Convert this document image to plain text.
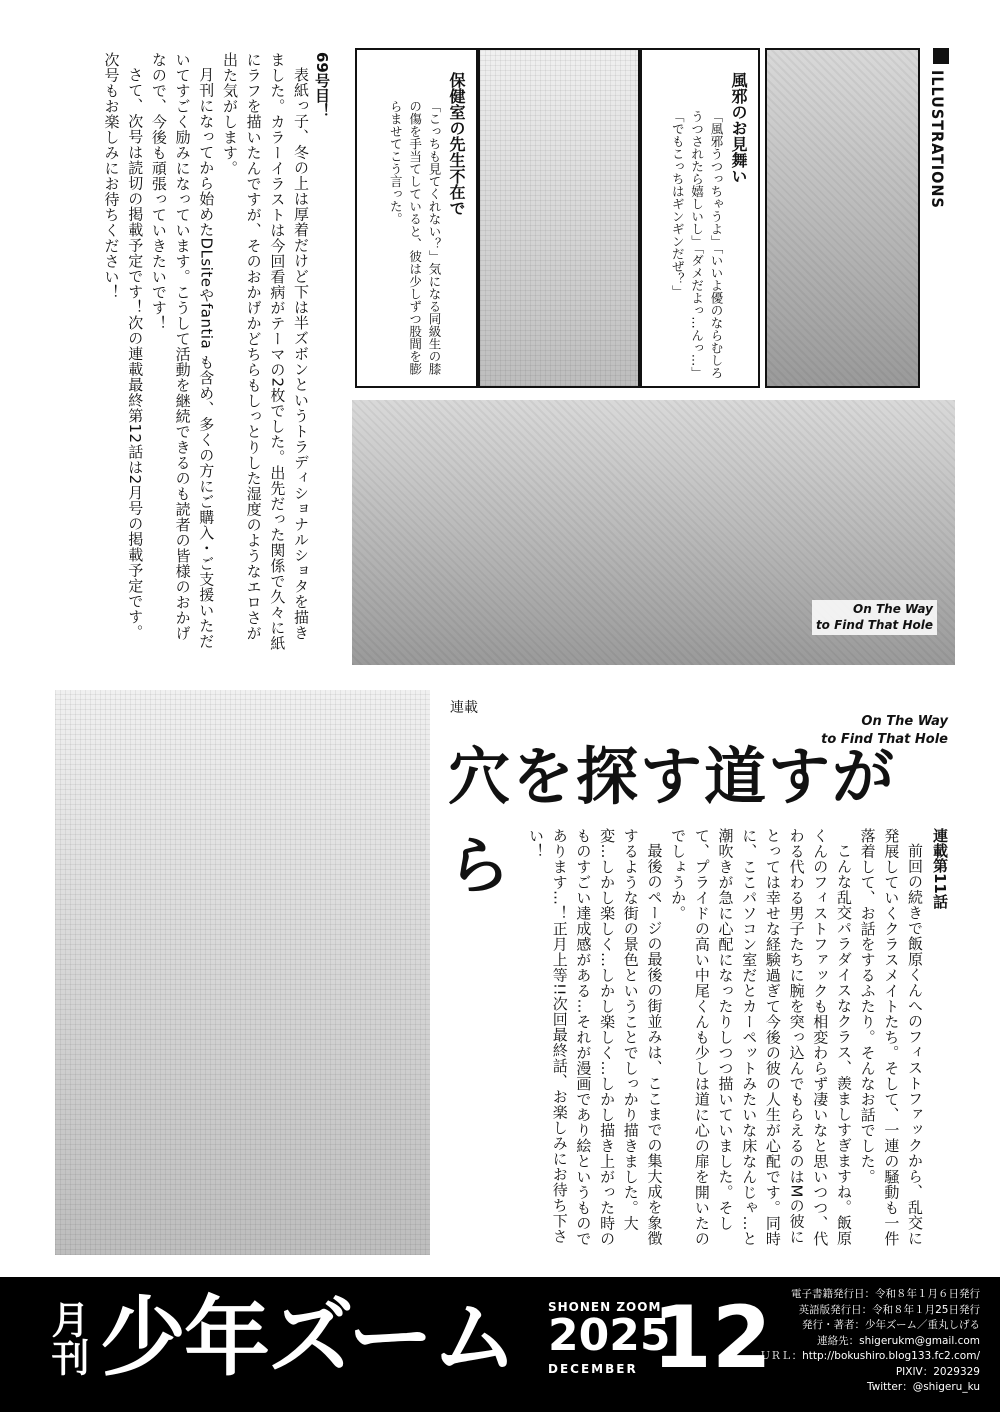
ILLUSTRATIONS
風邪のお見舞い
「風邪うつっちゃうよ」「いいよ優のならむしろうつされたら嬉しいし」「ダメだよっ…んっ…」「でもこっちはギンギンだぜ？」
保健室の先生不在で
「こっちも見てくれない？」気になる同級生の膝の傷を手当てしていると、彼は少しずつ股間を膨らませてこう言った。
69号目！

表紙っ子、冬の上は厚着だけど下は半ズボンというトラディショナルショタを描きました。カラーイラストは今回看病がテーマの2枚でした。出先だった関係で久々に紙にラフを描いたんですが、そのおかげかどちらもしっとりした湿度のようなエロさが出た気がします。

月刊になってから始めたDLsiteやfantia も含め、多くの方にご購入・ご支援いただいてすごく励みになっています。こうして活動を継続できるのも読者の皆様のおかげなので、今後も頑張っていきたいです！

さて、次号は読切の掲載予定です！次の連載最終第12話は2月号の掲載予定です。次号もお楽しみにお待ちください！

On The Way
to Find That Hole
連載
穴を探す道すがら
On The Way
to Find That Hole
連載第11話

前回の続きで飯原くんへのフィストファックから、乱交に発展していくクラスメイトたち。そして、一連の騒動も一件落着して、お話をするふたり。そんなお話でした。

こんな乱交パラダイスなクラス、羨ましすぎますね。飯原くんのフィストファックも相変わらず凄いなと思いつつ、代わる代わる男子たちに腕を突っ込んでもらえるのはMの彼にとっては幸せな経験過ぎて今後の彼の人生が心配です。同時に、ここパソコン室だとカーペットみたいな床なんじゃ…と潮吹きが急に心配になったりしつつ描いていました。そして、プライドの高い中尾くんも少しは道に心の扉を開いたのでしょうか。

最後のページの最後の街並みは、ここまでの集大成を象徴するような街の景色ということでしっかり描きました。大変…しかし楽しく…しかし楽しく…しかし描き上がった時のものすごい達成感がある…それが漫画であり絵というものであります…！正月上等!!次回最終話、お楽しみにお待ち下さい！

月刊 少年ズーム	SHONEN ZOOM
2025
DECEMBER 12	電子書籍発行日：令和８年１月６日発行
英語版発行日：令和８年１月25日発行
発行・著者：少年ズーム／重丸しげる
連絡先：shigerukm@gmail.com
ＵＲＬ：http://bokushiro.blog133.fc2.com/
PIXIV：2029329
Twitter：@shigeru_ku
